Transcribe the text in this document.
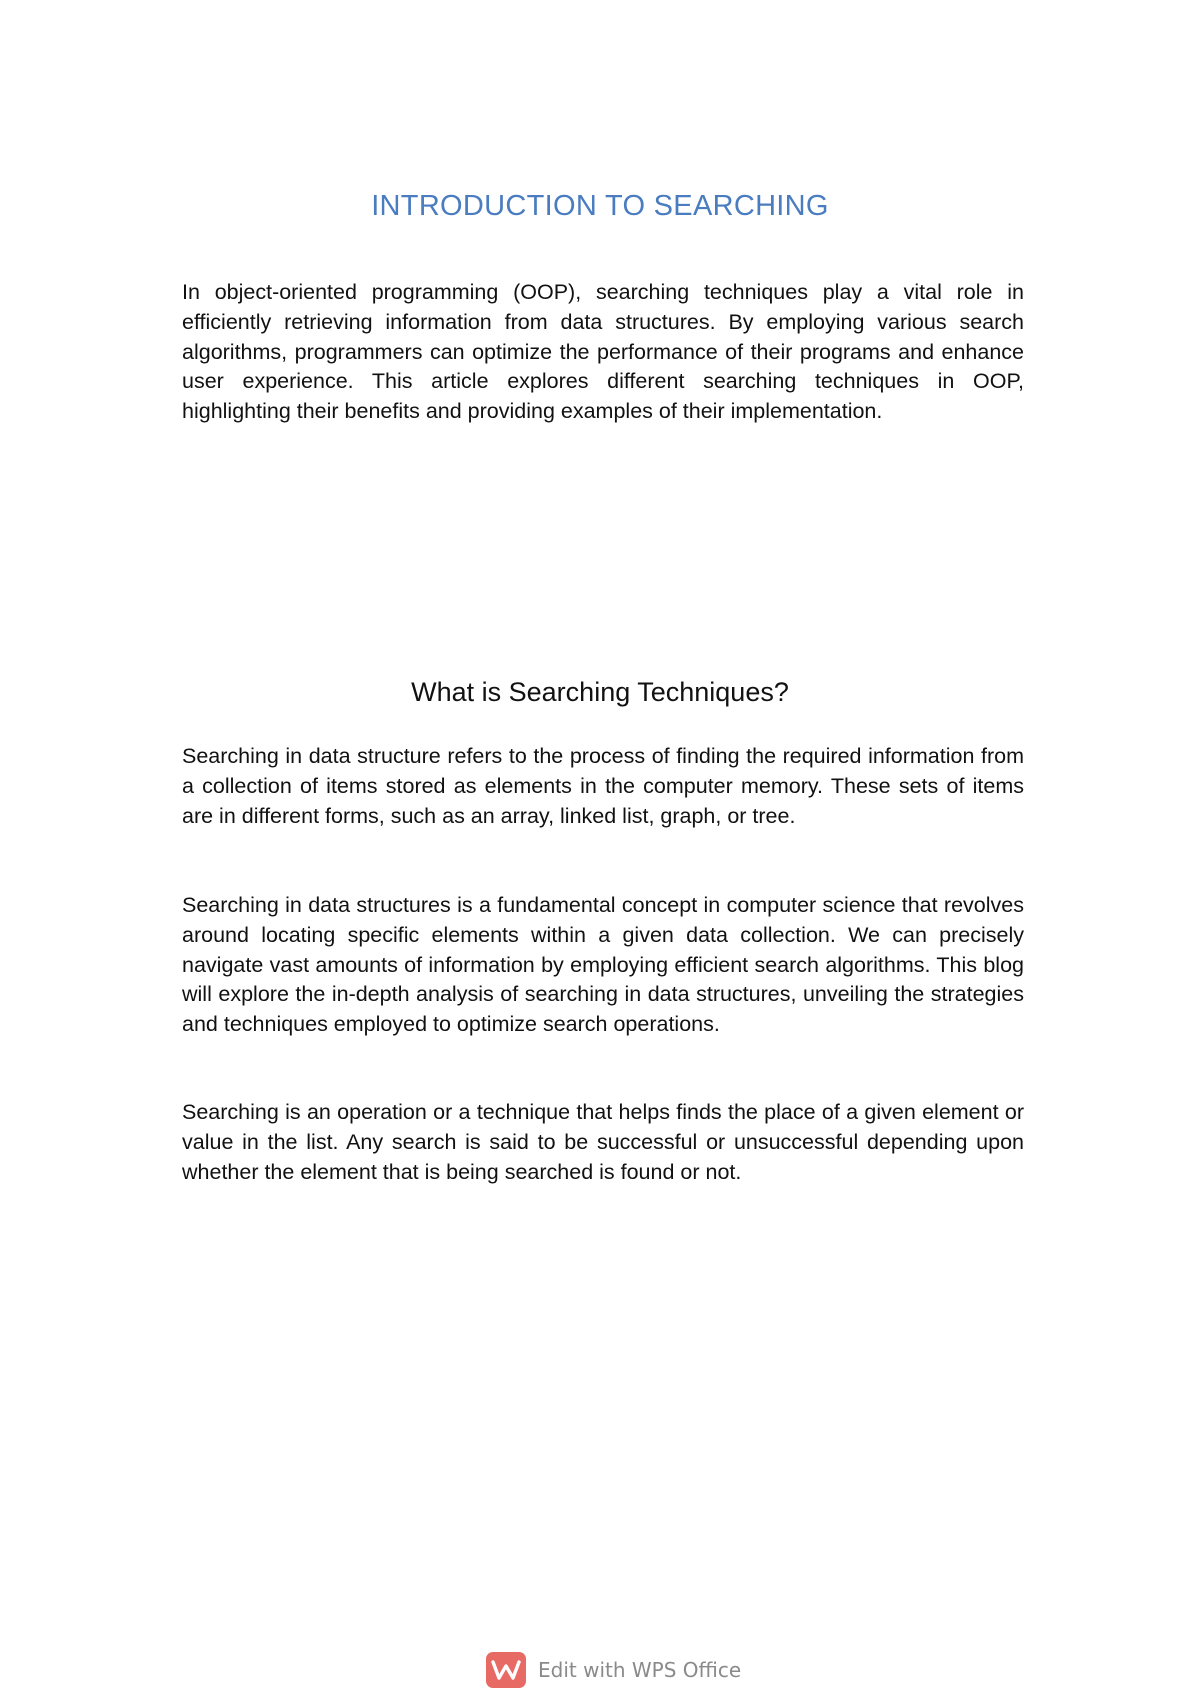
INTRODUCTION TO SEARCHING

In object-oriented programming (OOP), searching techniques play a vital role in efficiently retrieving information from data structures. By employing various search algorithms, programmers can optimize the performance of their programs and enhance user experience. This article explores different searching techniques in OOP, highlighting their benefits and providing examples of their implementation.

What is Searching Techniques?

Searching in data structure refers to the process of finding the required information from a collection of items stored as elements in the computer memory. These sets of items are in different forms, such as an array, linked list, graph, or tree.

Searching in data structures is a fundamental concept in computer science that revolves around locating specific elements within a given data collection. We can precisely navigate vast amounts of information by employing efficient search algorithms. This blog will explore the in-depth analysis of searching in data structures, unveiling the strategies and techniques employed to optimize search operations.

Searching is an operation or a technique that helps finds the place of a given element or value in the list. Any search is said to be successful or unsuccessful depending upon whether the element that is being searched is found or not.

Edit with WPS Office
